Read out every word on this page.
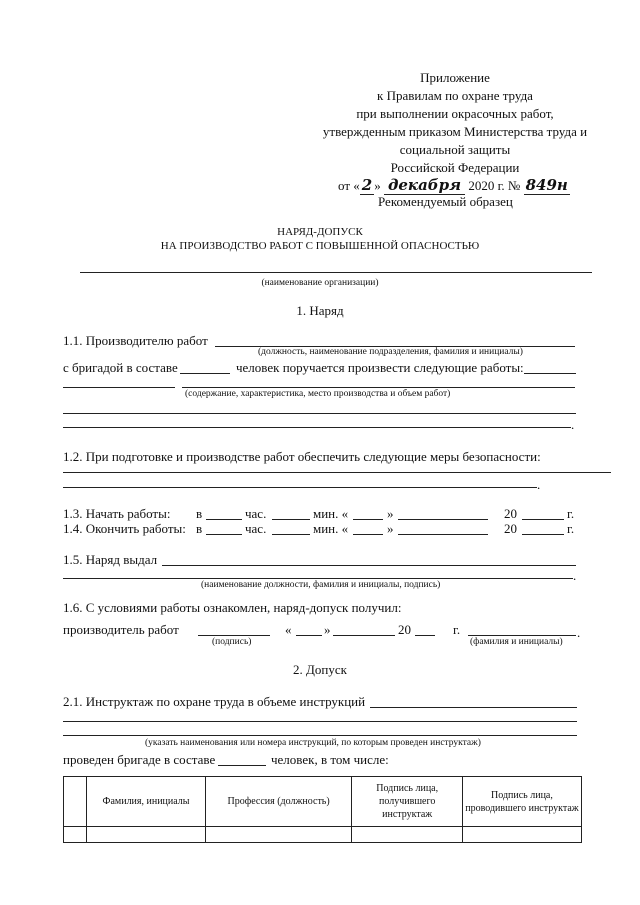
Приложение
к Правилам по охране труда
при выполнении окрасочных работ,
утвержденным приказом Министерства труда и
социальной защиты
Российской Федерации
от « 2 » декабря 2020 г. № 849н
Рекомендуемый образец
НАРЯД-ДОПУСК
НА ПРОИЗВОДСТВО РАБОТ С ПОВЫШЕННОЙ ОПАСНОСТЬЮ
(наименование организации)
1. Наряд
1.1. Производителю работ
(должность, наименование подразделения, фамилия и инициалы)
с бригадой в составе	человек поручается произвести следующие работы:
(содержание, характеристика, место производства и объем работ)
.
1.2. При подготовке и производстве работ обеспечить следующие меры безопасности:
.
1.3. Начать работы: в	час.	мин. «	»	20	г.
1.4. Окончить работы: в	час.	мин. «	»	20	г.
1.5. Наряд выдал
.
(наименование должности, фамилия и инициалы, подпись)
1.6. С условиями работы ознакомлен, наряд-допуск получил:
производитель работ
(подпись)
«	»	20	г.	.
(фамилия и инициалы)
2. Допуск
2.1. Инструктаж по охране труда в объеме инструкций
(указать наименования или номера инструкций, по которым проведен инструктаж)
проведен бригаде в составе	человек, в том числе:
	Фамилия, инициалы	Профессия (должность)	Подпись лица, получившего инструктаж	Подпись лица, проводившего инструктаж
